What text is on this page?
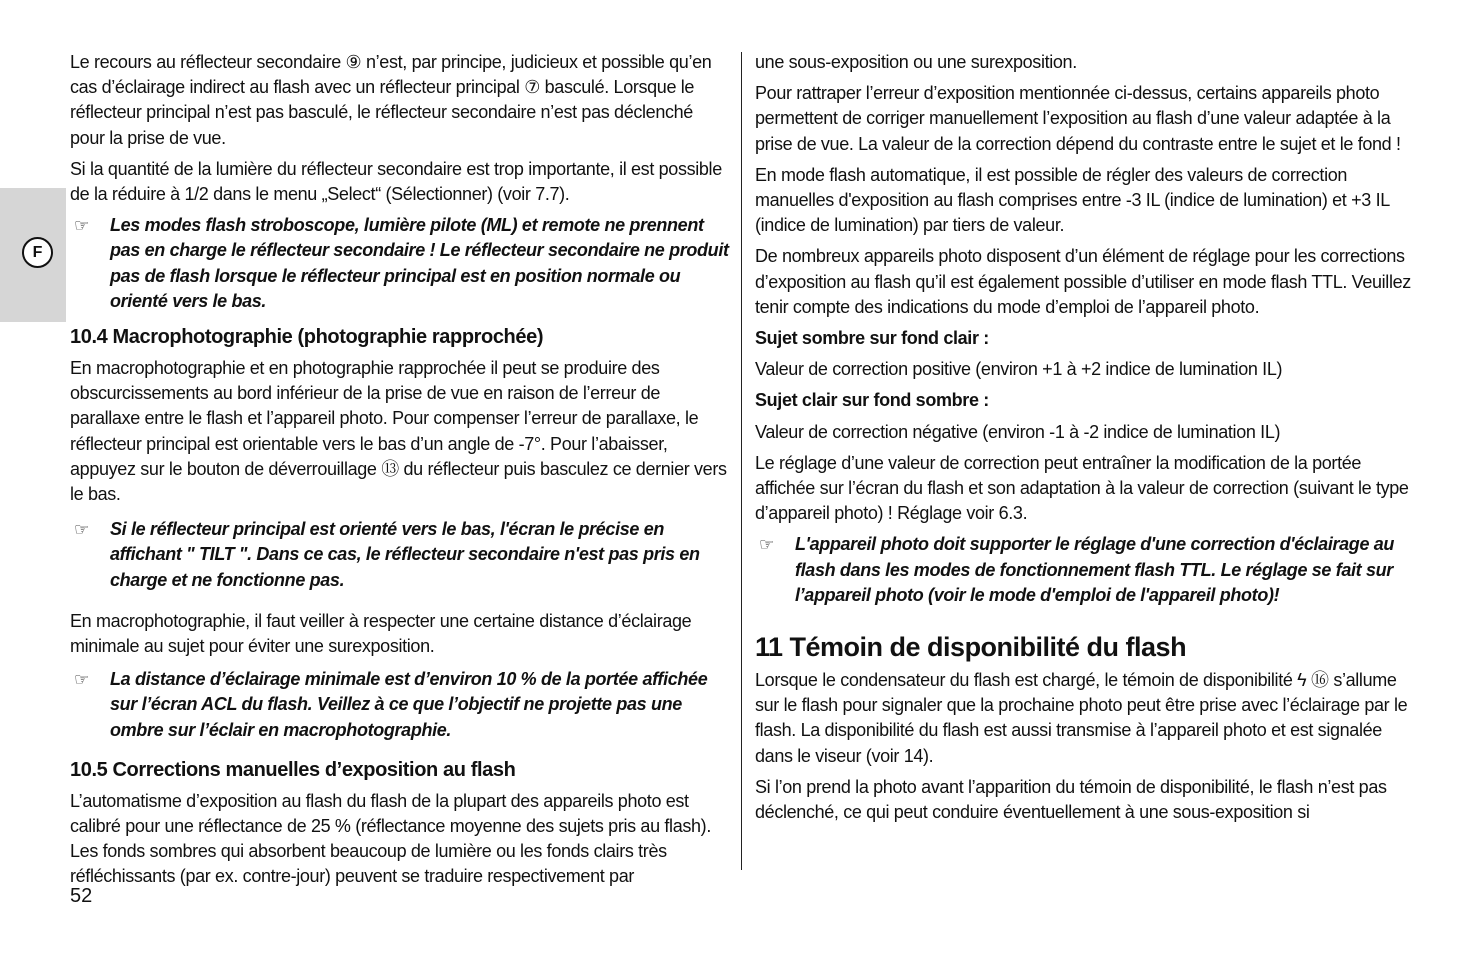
F

Le recours au réflecteur secondaire ⑨ n’est, par principe, judicieux et possible qu’en cas d’éclairage indirect au flash avec un réflecteur principal ⑦ basculé. Lorsque le réflecteur principal n’est pas basculé, le réflecteur secondaire n’est pas déclenché pour la prise de vue.

Si la quantité de la lumière du réflecteur secondaire est trop importante, il est possible de la réduire à 1/2 dans le menu „Select“ (Sélectionner) (voir 7.7).

☞ Les modes flash stroboscope, lumière pilote (ML) et remote ne prennent pas en charge le réflecteur secondaire ! Le réflecteur secondaire ne produit pas de flash lorsque le réflecteur principal est en position normale ou orienté vers le bas.
10.4 Macrophotographie (photographie rapprochée)

En macrophotographie et en photographie rapprochée il peut se produire des obscurcissements au bord inférieur de la prise de vue en raison de l’erreur de parallaxe entre le flash et l’appareil photo. Pour compenser l’erreur de parallaxe, le réflecteur principal est orientable vers le bas d’un angle de -7°. Pour l’abaisser, appuyez sur le bouton de déverrouillage ⑬ du réflecteur puis basculez ce dernier vers le bas.

☞ Si le réflecteur principal est orienté vers le bas, l'écran le précise en affichant " TILT ". Dans ce cas, le réflecteur secondaire n'est pas pris en charge et ne fonctionne pas.

En macrophotographie, il faut veiller à respecter une certaine distance d’éclairage minimale au sujet pour éviter une surexposition.

☞ La distance d’éclairage minimale est d’environ 10 % de la portée affichée sur l’écran ACL du flash. Veillez à ce que l’objectif ne projette pas une ombre sur l’éclair en macrophotographie.
10.5 Corrections manuelles d’exposition au flash

L’automatisme d’exposition au flash du flash de la plupart des appareils photo est calibré pour une réflectance de 25 % (réflectance moyenne des sujets pris au flash). Les fonds sombres qui absorbent beaucoup de lumière ou les fonds clairs très réfléchissants (par ex. contre-jour) peuvent se traduire respectivement par

une sous-exposition ou une surexposition.

Pour rattraper l’erreur d’exposition mentionnée ci-dessus, certains appareils photo permettent de corriger manuellement l’exposition au flash d’une valeur adaptée à la prise de vue. La valeur de la correction dépend du contraste entre le sujet et le fond !

En mode flash automatique, il est possible de régler des valeurs de correction manuelles d'exposition au flash comprises entre -3 IL (indice de lumination) et +3 IL (indice de lumination) par tiers de valeur.

De nombreux appareils photo disposent d’un élément de réglage pour les corrections d’exposition au flash qu’il est également possible d’utiliser en mode flash TTL. Veuillez tenir compte des indications du mode d’emploi de l’appareil photo.

Sujet sombre sur fond clair :

Valeur de correction positive (environ +1 à +2 indice de lumination IL)

Sujet clair sur fond sombre :

Valeur de correction négative (environ -1 à -2 indice de lumination IL)

Le réglage d’une valeur de correction peut entraîner la modification de la portée affichée sur l’écran du flash et son adaptation à la valeur de correction (suivant le type d’appareil photo) ! Réglage voir 6.3.

☞ L'appareil photo doit supporter le réglage d'une correction d'éclairage au flash dans les modes de fonctionnement flash TTL. Le réglage se fait sur l’appareil photo (voir le mode d'emploi de l'appareil photo)!
11 Témoin de disponibilité du flash

Lorsque le condensateur du flash est chargé, le témoin de disponibilité ϟ ⑯ s’allume sur le flash pour signaler que la prochaine photo peut être prise avec l’éclairage par le flash. La disponibilité du flash est aussi transmise à l’appareil photo et est signalée dans le viseur (voir 14).

Si l’on prend la photo avant l’apparition du témoin de disponibilité, le flash n’est pas déclenché, ce qui peut conduire éventuellement à une sous-exposition si

52
